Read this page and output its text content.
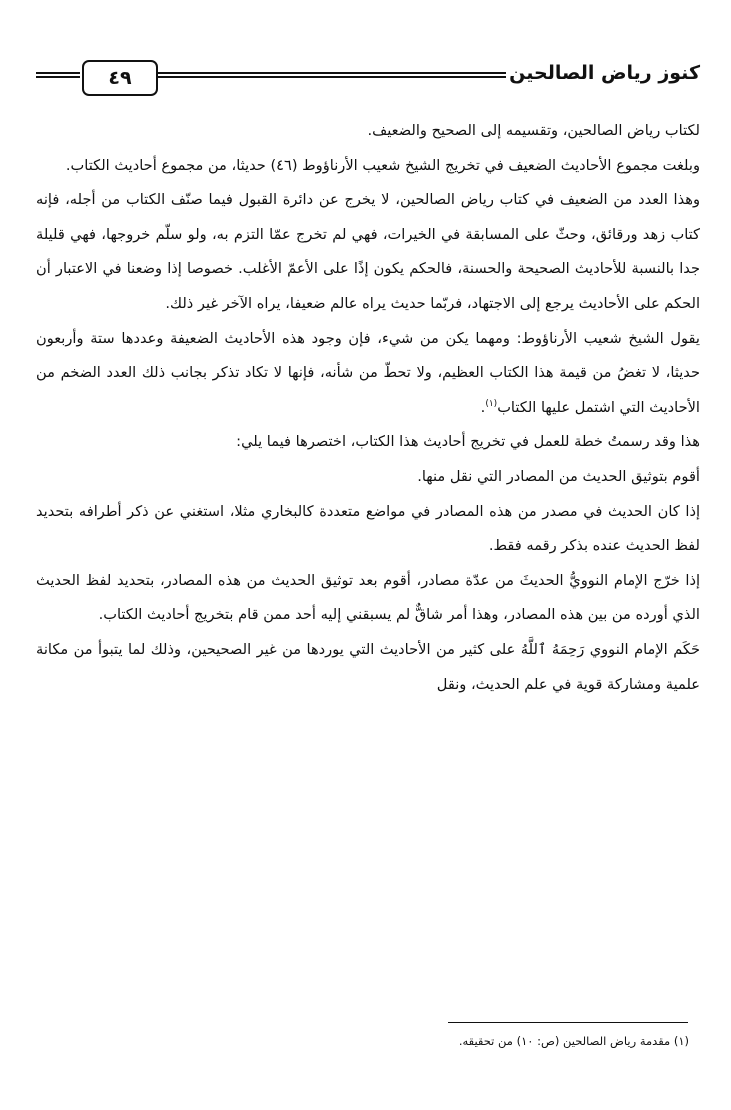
٤٩	كنوز رياض الصالحين

لكتاب رياض الصالحين، وتقسيمه إلى الصحيح والضعيف.

وبلغت مجموع الأحاديث الضعيف في تخريج الشيخ شعيب الأرناؤوط (٤٦) حديثا، من مجموع أحاديث الكتاب.

وهذا العدد من الضعيف في كتاب رياض الصالحين، لا يخرج عن دائرة القبول فيما صنّف الكتاب من أجله، فإنه كتاب زهد ورقائق، وحثّ على المسابقة في الخيرات، فهي لم تخرج عمّا التزم به، ولو سلّم خروجها، فهي قليلة جدا بالنسبة للأحاديث الصحيحة والحسنة، فالحكم يكون إذًا على الأعمّ الأغلب. خصوصا إذا وضعنا في الاعتبار أن الحكم على الأحاديث يرجع إلى الاجتهاد، فربّما حديث يراه عالم ضعيفا، يراه الآخر غير ذلك.

يقول الشيخ شعيب الأرناؤوط: ومهما يكن من شيء، فإن وجود هذه الأحاديث الضعيفة وعددها ستة وأربعون حديثا، لا تغضُ من قيمة هذا الكتاب العظيم، ولا تحطّ من شأنه، فإنها لا تكاد تذكر بجانب ذلك العدد الضخم من الأحاديث التي اشتمل عليها الكتاب$^{(١)}$.

هذا وقد رسمتُ خطة للعمل في تخريج أحاديث هذا الكتاب، اختصرها فيما يلي:

أقوم بتوثيق الحديث من المصادر التي نقل منها.

إذا كان الحديث في مصدر من هذه المصادر في مواضع متعددة كالبخاري مثلا، استغني عن ذكر أطرافه بتحديد لفظ الحديث عنده بذكر رقمه فقط.

إذا خرّج الإمام النوويُّ الحديثَ من عدّة مصادر، أقوم بعد توثيق الحديث من هذه المصادر، بتحديد لفظ الحديث الذي أورده من بين هذه المصادر، وهذا أمر شاقٌّ لم يسبقني إليه أحد ممن قام بتخريج أحاديث الكتاب.

حَكَم الإمام النووي رَحِمَهُ ٱللَّهُ على كثير من الأحاديث التي يوردها من غير الصحيحين، وذلك لما يتبوأ من مكانة علمية ومشاركة قوية في علم الحديث، ونقل

(١) مقدمة رياض الصالحين (ص: ١٠) من تحقيقه.
